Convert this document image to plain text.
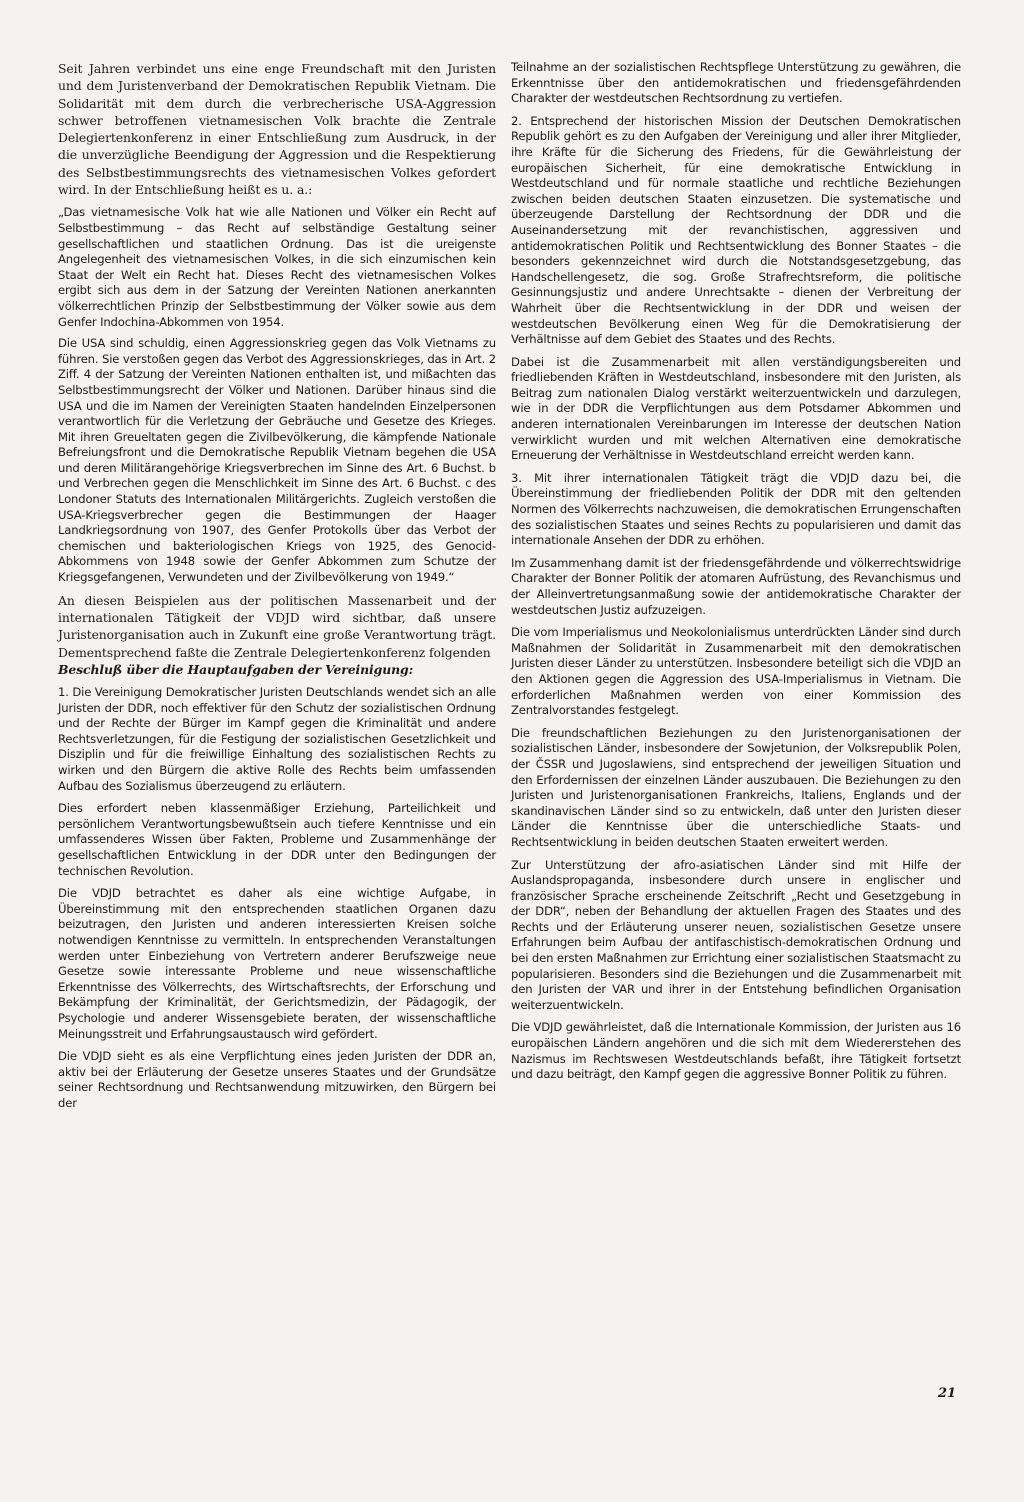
Seit Jahren verbindet uns eine enge Freundschaft mit den Juristen und dem Juristenverband der Demokratischen Republik Vietnam. Die Solidarität mit dem durch die verbrecherische USA-Aggression schwer betroffenen vietnamesischen Volk brachte die Zentrale Delegiertenkonferenz in einer Entschließung zum Ausdruck, in der die unverzügliche Beendigung der Aggression und die Respektierung des Selbstbestimmungsrechts des vietnamesischen Volkes gefordert wird. In der Entschließung heißt es u. a.:

„Das vietnamesische Volk hat wie alle Nationen und Völker ein Recht auf Selbstbestimmung – das Recht auf selbständige Gestaltung seiner gesellschaftlichen und staatlichen Ordnung. Das ist die ureigenste Angelegenheit des vietnamesischen Volkes, in die sich einzumischen kein Staat der Welt ein Recht hat. Dieses Recht des vietnamesischen Volkes ergibt sich aus dem in der Satzung der Vereinten Nationen anerkannten völkerrechtlichen Prinzip der Selbstbestimmung der Völker sowie aus dem Genfer Indochina-Abkommen von 1954.

Die USA sind schuldig, einen Aggressionskrieg gegen das Volk Vietnams zu führen. Sie verstoßen gegen das Verbot des Aggressionskrieges, das in Art. 2 Ziff. 4 der Satzung der Vereinten Nationen enthalten ist, und mißachten das Selbstbestimmungsrecht der Völker und Nationen. Darüber hinaus sind die USA und die im Namen der Vereinigten Staaten handelnden Einzelpersonen verantwortlich für die Verletzung der Gebräuche und Gesetze des Krieges. Mit ihren Greueltaten gegen die Zivilbevölkerung, die kämpfende Nationale Befreiungsfront und die Demokratische Republik Vietnam begehen die USA und deren Militärangehörige Kriegsverbrechen im Sinne des Art. 6 Buchst. b und Verbrechen gegen die Menschlichkeit im Sinne des Art. 6 Buchst. c des Londoner Statuts des Internationalen Militärgerichts. Zugleich verstoßen die USA-Kriegsverbrecher gegen die Bestimmungen der Haager Landkriegsordnung von 1907, des Genfer Protokolls über das Verbot der chemischen und bakteriologischen Kriegs von 1925, des Genocid-Abkommens von 1948 sowie der Genfer Abkommen zum Schutze der Kriegsgefangenen, Verwundeten und der Zivilbevölkerung von 1949.“

An diesen Beispielen aus der politischen Massenarbeit und der internationalen Tätigkeit der VDJD wird sichtbar, daß unsere Juristenorganisation auch in Zukunft eine große Verantwortung trägt. Dementsprechend faßte die Zentrale Delegiertenkonferenz folgenden
Beschluß über die Hauptaufgaben der Vereinigung:

1. Die Vereinigung Demokratischer Juristen Deutschlands wendet sich an alle Juristen der DDR, noch effektiver für den Schutz der sozialistischen Ordnung und der Rechte der Bürger im Kampf gegen die Kriminalität und andere Rechtsverletzungen, für die Festigung der sozialistischen Gesetzlichkeit und Disziplin und für die freiwillige Einhaltung des sozialistischen Rechts zu wirken und den Bürgern die aktive Rolle des Rechts beim umfassenden Aufbau des Sozialismus überzeugend zu erläutern.

Dies erfordert neben klassenmäßiger Erziehung, Parteilichkeit und persönlichem Verantwortungsbewußtsein auch tiefere Kenntnisse und ein umfassenderes Wissen über Fakten, Probleme und Zusammenhänge der gesellschaftlichen Entwicklung in der DDR unter den Bedingungen der technischen Revolution.

Die VDJD betrachtet es daher als eine wichtige Aufgabe, in Übereinstimmung mit den entsprechenden staatlichen Organen dazu beizutragen, den Juristen und anderen interessierten Kreisen solche notwendigen Kenntnisse zu vermitteln. In entsprechenden Veranstaltungen werden unter Einbeziehung von Vertretern anderer Berufszweige neue Gesetze sowie interessante Probleme und neue wissenschaftliche Erkenntnisse des Völkerrechts, des Wirtschaftsrechts, der Erforschung und Bekämpfung der Kriminalität, der Gerichtsmedizin, der Pädagogik, der Psychologie und anderer Wissensgebiete beraten, der wissenschaftliche Meinungsstreit und Erfahrungsaustausch wird gefördert.

Die VDJD sieht es als eine Verpflichtung eines jeden Juristen der DDR an, aktiv bei der Erläuterung der Gesetze unseres Staates und der Grundsätze seiner Rechtsordnung und Rechtsanwendung mitzuwirken, den Bürgern bei der

Teilnahme an der sozialistischen Rechtspflege Unterstützung zu gewähren, die Erkenntnisse über den antidemokratischen und friedensgefährdenden Charakter der westdeutschen Rechtsordnung zu vertiefen.

2. Entsprechend der historischen Mission der Deutschen Demokratischen Republik gehört es zu den Aufgaben der Vereinigung und aller ihrer Mitglieder, ihre Kräfte für die Sicherung des Friedens, für die Gewährleistung der europäischen Sicherheit, für eine demokratische Entwicklung in Westdeutschland und für normale staatliche und rechtliche Beziehungen zwischen beiden deutschen Staaten einzusetzen. Die systematische und überzeugende Darstellung der Rechtsordnung der DDR und die Auseinandersetzung mit der revanchistischen, aggressiven und antidemokratischen Politik und Rechtsentwicklung des Bonner Staates – die besonders gekennzeichnet wird durch die Notstandsgesetzgebung, das Handschellengesetz, die sog. Große Strafrechtsreform, die politische Gesinnungsjustiz und andere Unrechtsakte – dienen der Verbreitung der Wahrheit über die Rechtsentwicklung in der DDR und weisen der westdeutschen Bevölkerung einen Weg für die Demokratisierung der Verhältnisse auf dem Gebiet des Staates und des Rechts.

Dabei ist die Zusammenarbeit mit allen verständigungsbereiten und friedliebenden Kräften in Westdeutschland, insbesondere mit den Juristen, als Beitrag zum nationalen Dialog verstärkt weiterzuentwickeln und darzulegen, wie in der DDR die Verpflichtungen aus dem Potsdamer Abkommen und anderen internationalen Vereinbarungen im Interesse der deutschen Nation verwirklicht wurden und mit welchen Alternativen eine demokratische Erneuerung der Verhältnisse in Westdeutschland erreicht werden kann.

3. Mit ihrer internationalen Tätigkeit trägt die VDJD dazu bei, die Übereinstimmung der friedliebenden Politik der DDR mit den geltenden Normen des Völkerrechts nachzuweisen, die demokratischen Errungenschaften des sozialistischen Staates und seines Rechts zu popularisieren und damit das internationale Ansehen der DDR zu erhöhen.

Im Zusammenhang damit ist der friedensgefährdende und völkerrechtswidrige Charakter der Bonner Politik der atomaren Aufrüstung, des Revanchismus und der Alleinvertretungsanmaßung sowie der antidemokratische Charakter der westdeutschen Justiz aufzuzeigen.

Die vom Imperialismus und Neokolonialismus unterdrückten Länder sind durch Maßnahmen der Solidarität in Zusammenarbeit mit den demokratischen Juristen dieser Länder zu unterstützen. Insbesondere beteiligt sich die VDJD an den Aktionen gegen die Aggression des USA-Imperialismus in Vietnam. Die erforderlichen Maßnahmen werden von einer Kommission des Zentralvorstandes festgelegt.

Die freundschaftlichen Beziehungen zu den Juristenorganisationen der sozialistischen Länder, insbesondere der Sowjetunion, der Volksrepublik Polen, der ČSSR und Jugoslawiens, sind entsprechend der jeweiligen Situation und den Erfordernissen der einzelnen Länder auszubauen. Die Beziehungen zu den Juristen und Juristenorganisationen Frankreichs, Italiens, Englands und der skandinavischen Länder sind so zu entwickeln, daß unter den Juristen dieser Länder die Kenntnisse über die unterschiedliche Staats- und Rechtsentwicklung in beiden deutschen Staaten erweitert werden.

Zur Unterstützung der afro-asiatischen Länder sind mit Hilfe der Auslandspropaganda, insbesondere durch unsere in englischer und französischer Sprache erscheinende Zeitschrift „Recht und Gesetzgebung in der DDR“, neben der Behandlung der aktuellen Fragen des Staates und des Rechts und der Erläuterung unserer neuen, sozialistischen Gesetze unsere Erfahrungen beim Aufbau der antifaschistisch-demokratischen Ordnung und bei den ersten Maßnahmen zur Errichtung einer sozialistischen Staatsmacht zu popularisieren. Besonders sind die Beziehungen und die Zusammenarbeit mit den Juristen der VAR und ihrer in der Entstehung befindlichen Organisation weiterzuentwickeln.

Die VDJD gewährleistet, daß die Internationale Kommission, der Juristen aus 16 europäischen Ländern angehören und die sich mit dem Wiedererstehen des Nazismus im Rechtswesen Westdeutschlands befaßt, ihre Tätigkeit fortsetzt und dazu beiträgt, den Kampf gegen die aggressive Bonner Politik zu führen.

21
